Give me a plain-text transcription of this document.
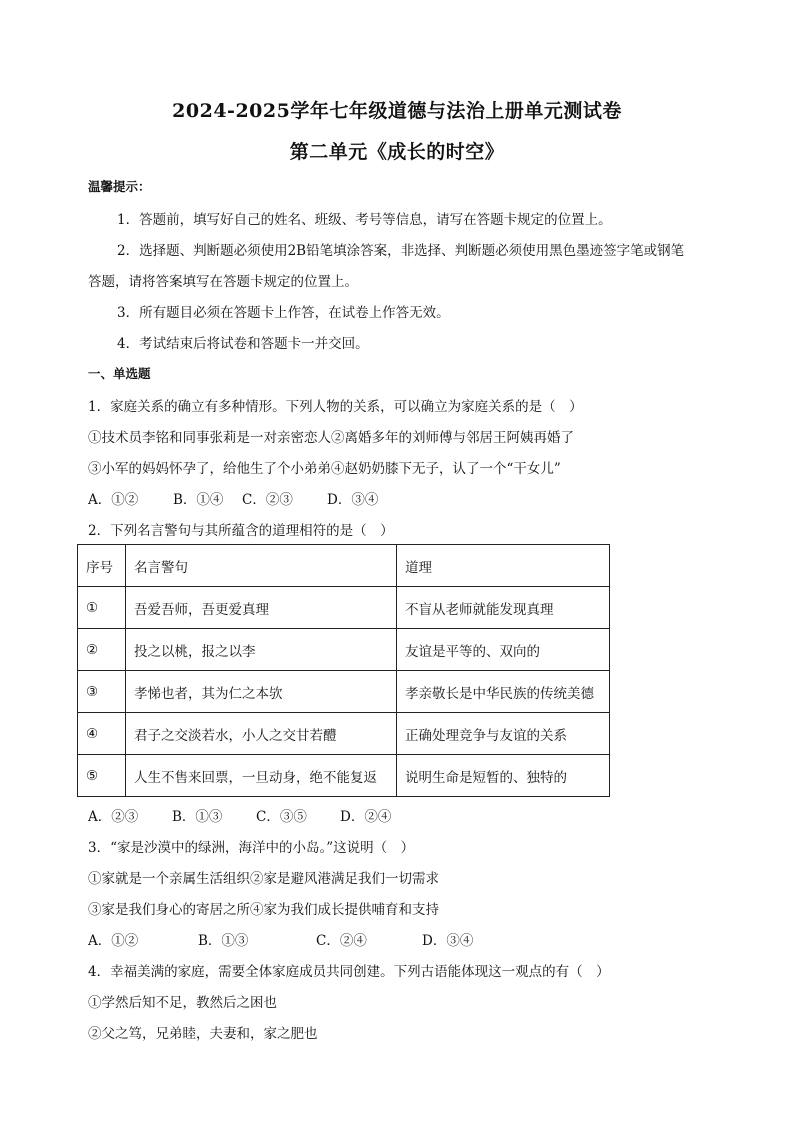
2024-2025学年七年级道德与法治上册单元测试卷
第二单元《成长的时空》
温馨提示：
1．答题前，填写好自己的姓名、班级、考号等信息，请写在答题卡规定的位置上。
2．选择题、判断题必须使用2B铅笔填涂答案，非选择、判断题必须使用黑色墨迹签字笔或钢笔
答题，请将答案填写在答题卡规定的位置上。
3．所有题目必须在答题卡上作答，在试卷上作答无效。
4．考试结束后将试卷和答题卡一并交回。
一、单选题
1．家庭关系的确立有多种情形。下列人物的关系，可以确立为家庭关系的是（　）
①技术员李铭和同事张莉是一对亲密恋人②离婚多年的刘师傅与邻居王阿姨再婚了
③小军的妈妈怀孕了，给他生了个小弟弟④赵奶奶膝下无子，认了一个“干女儿”
A．①②	B．①④ C．②③	D．③④
2．下列名言警句与其所蕴含的道理相符的是（　）
序号	名言警句	道理
①	吾爱吾师，吾更爱真理	不盲从老师就能发现真理
②	投之以桃，报之以李	友谊是平等的、双向的
③	孝悌也者，其为仁之本欤	孝亲敬长是中华民族的传统美德
④	君子之交淡若水，小人之交甘若醴	正确处理竞争与友谊的关系
⑤	人生不售来回票，一旦动身，绝不能复返	说明生命是短暂的、独特的
A．②③	B．①③ C．③⑤ D．②④
3．“家是沙漠中的绿洲，海洋中的小岛。”这说明（　）
①家就是一个亲属生活组织②家是避风港满足我们一切需求
③家是我们身心的寄居之所④家为我们成长提供哺育和支持
A．①②	B．①③	C．②④	D．③④
4．幸福美满的家庭，需要全体家庭成员共同创建。下列古语能体现这一观点的有（　）
①学然后知不足，教然后之困也
②父之笃，兄弟睦，夫妻和，家之肥也
